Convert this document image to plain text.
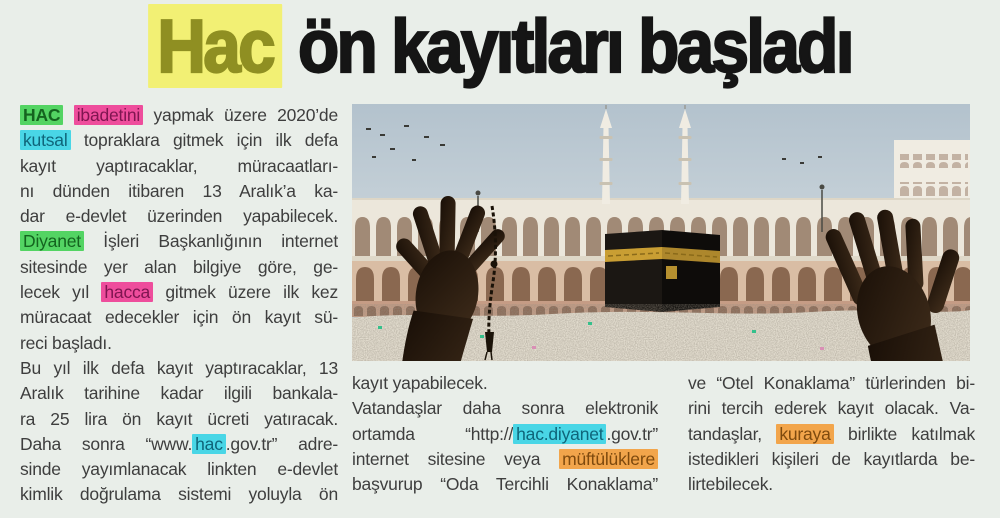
Hac ön kayıtları başladı
HAC ibadetini yapmak üzere 2020’de
kutsal topraklara gitmek için ilk defa
kayıt yaptıracaklar, müracaatları-
nı dünden itibaren 13 Aralık’a ka-
dar e-devlet üzerinden yapabilecek.
Diyanet İşleri Başkanlığının internet
sitesinde yer alan bilgiye göre, ge-
lecek yıl hacca gitmek üzere ilk kez
müracaat edecekler için ön kayıt sü-
reci başladı.
Bu yıl ilk defa kayıt yaptıracaklar, 13
Aralık tarihine kadar ilgili bankala-
ra 25 lira ön kayıt ücreti yatıracak.
Daha sonra “www. hac .gov.tr” adre-
sinde yayımlanacak linkten e-devlet
kimlik doğrulama sistemi yoluyla ön
kayıt yapabilecek.
Vatandaşlar daha sonra elektronik
ortamda “http:// hac.diyanet .gov.tr”
internet sitesine veya müftülüklere
başvurup “Oda Tercihli Konaklama”
ve “Otel Konaklama” türlerinden bi-
rini tercih ederek kayıt olacak. Va-
tandaşlar, kuraya birlikte katılmak
istedikleri kişileri de kayıtlarda be-
lirtebilecek.
